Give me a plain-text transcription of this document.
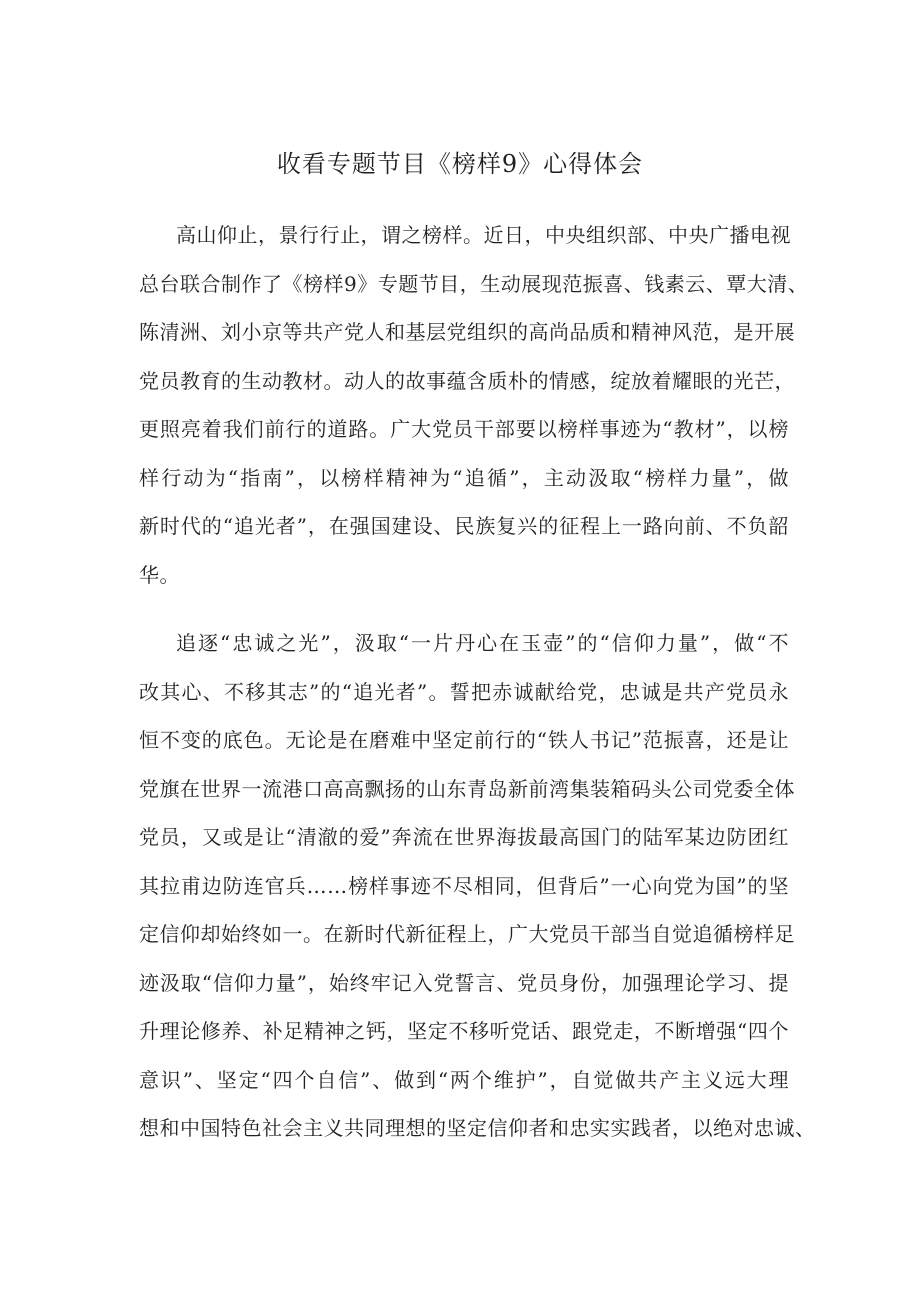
收看专题节目《榜样9》心得体会
高山仰止，景行行止，谓之榜样。近日，中央组织部、中央广播电视
总台联合制作了《榜样9》专题节目，生动展现范振喜、钱素云、覃大清、
陈清洲、刘小京等共产党人和基层党组织的高尚品质和精神风范，是开展
党员教育的生动教材。动人的故事蕴含质朴的情感，绽放着耀眼的光芒，
更照亮着我们前行的道路。广大党员干部要以榜样事迹为“教材”，以榜
样行动为“指南”，以榜样精神为“追循”，主动汲取“榜样力量”，做
新时代的“追光者”，在强国建设、民族复兴的征程上一路向前、不负韶
华。
追逐“忠诚之光”，汲取“一片丹心在玉壶”的“信仰力量”，做“不
改其心、不移其志”的“追光者”。誓把赤诚献给党，忠诚是共产党员永
恒不变的底色。无论是在磨难中坚定前行的“铁人书记”范振喜，还是让
党旗在世界一流港口高高飘扬的山东青岛新前湾集装箱码头公司党委全体
党员，又或是让“清澈的爱”奔流在世界海拔最高国门的陆军某边防团红
其拉甫边防连官兵……榜样事迹不尽相同，但背后”一心向党为国”的坚
定信仰却始终如一。在新时代新征程上，广大党员干部当自觉追循榜样足
迹汲取“信仰力量”，始终牢记入党誓言、党员身份，加强理论学习、提
升理论修养、补足精神之钙，坚定不移听党话、跟党走，不断增强“四个
意识”、坚定“四个自信”、做到“两个维护”，自觉做共产主义远大理
想和中国特色社会主义共同理想的坚定信仰者和忠实实践者，以绝对忠诚、
